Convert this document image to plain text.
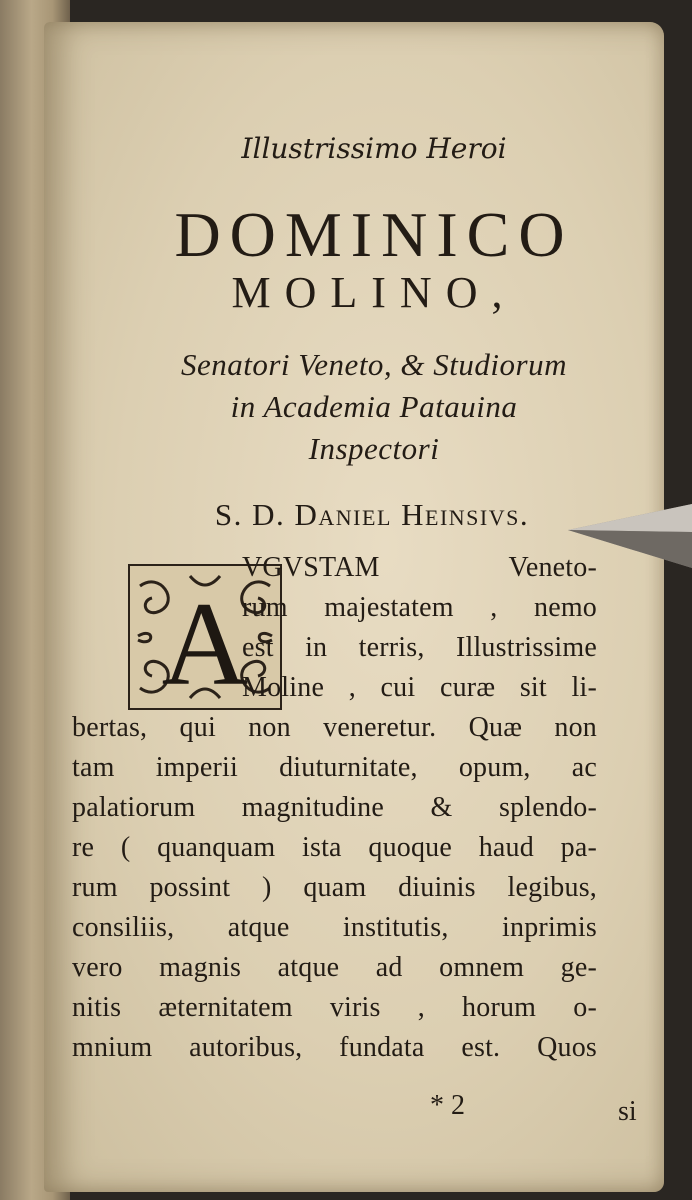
Illustrissimo Heroi
DOMINICO
MOLINO,
Senatori Veneto, & Studiorum
in Academia Patauina
Inspectori
S. D. Daniel Heinsivs.
A
VGVSTAM Veneto-
rum majestatem , nemo
est in terris, Illustrissime
Moline , cui curæ sit li-
bertas, qui non veneretur. Quæ non
tam imperii diuturnitate, opum, ac
palatiorum magnitudine & splendo-
re ( quanquam ista quoque haud pa-
rum possint ) quam diuinis legibus,
consiliis, atque institutis, inprimis
vero magnis atque ad omnem ge-
nitis æternitatem viris , horum o-
mnium autoribus, fundata est. Quos
* 2	si
